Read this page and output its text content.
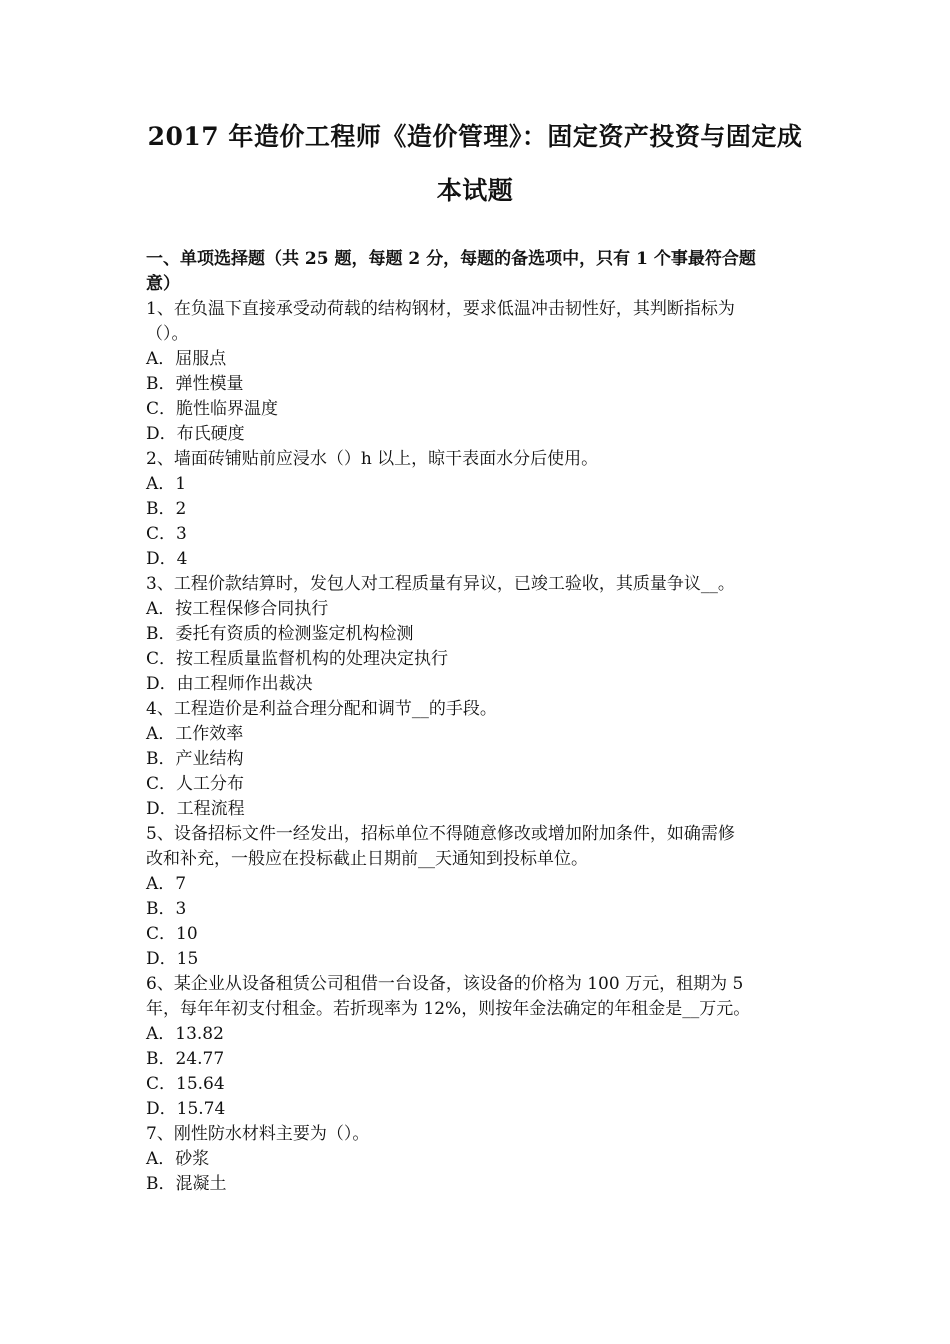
2017 年造价工程师《造价管理》：固定资产投资与固定成
本试题
一、单项选择题（共 25 题，每题 2 分，每题的备选项中，只有 1 个事最符合题
意）
1、在负温下直接承受动荷载的结构钢材，要求低温冲击韧性好，其判断指标为
（）。
A．屈服点
B．弹性模量
C．脆性临界温度
D．布氏硬度
2、墙面砖铺贴前应浸水（）h 以上，晾干表面水分后使用。
A．1
B．2
C．3
D．4
3、工程价款结算时，发包人对工程质量有异议，已竣工验收，其质量争议__。
A．按工程保修合同执行
B．委托有资质的检测鉴定机构检测
C．按工程质量监督机构的处理决定执行
D．由工程师作出裁决
4、工程造价是利益合理分配和调节__的手段。
A．工作效率
B．产业结构
C．人工分布
D．工程流程
5、设备招标文件一经发出，招标单位不得随意修改或增加附加条件，如确需修
改和补充，一般应在投标截止日期前__天通知到投标单位。
A．7
B．3
C．10
D．15
6、某企业从设备租赁公司租借一台设备，该设备的价格为 100 万元，租期为 5
年，每年年初支付租金。若折现率为 12%，则按年金法确定的年租金是__万元。
A．13.82
B．24.77
C．15.64
D．15.74
7、刚性防水材料主要为（）。
A．砂浆
B．混凝土
